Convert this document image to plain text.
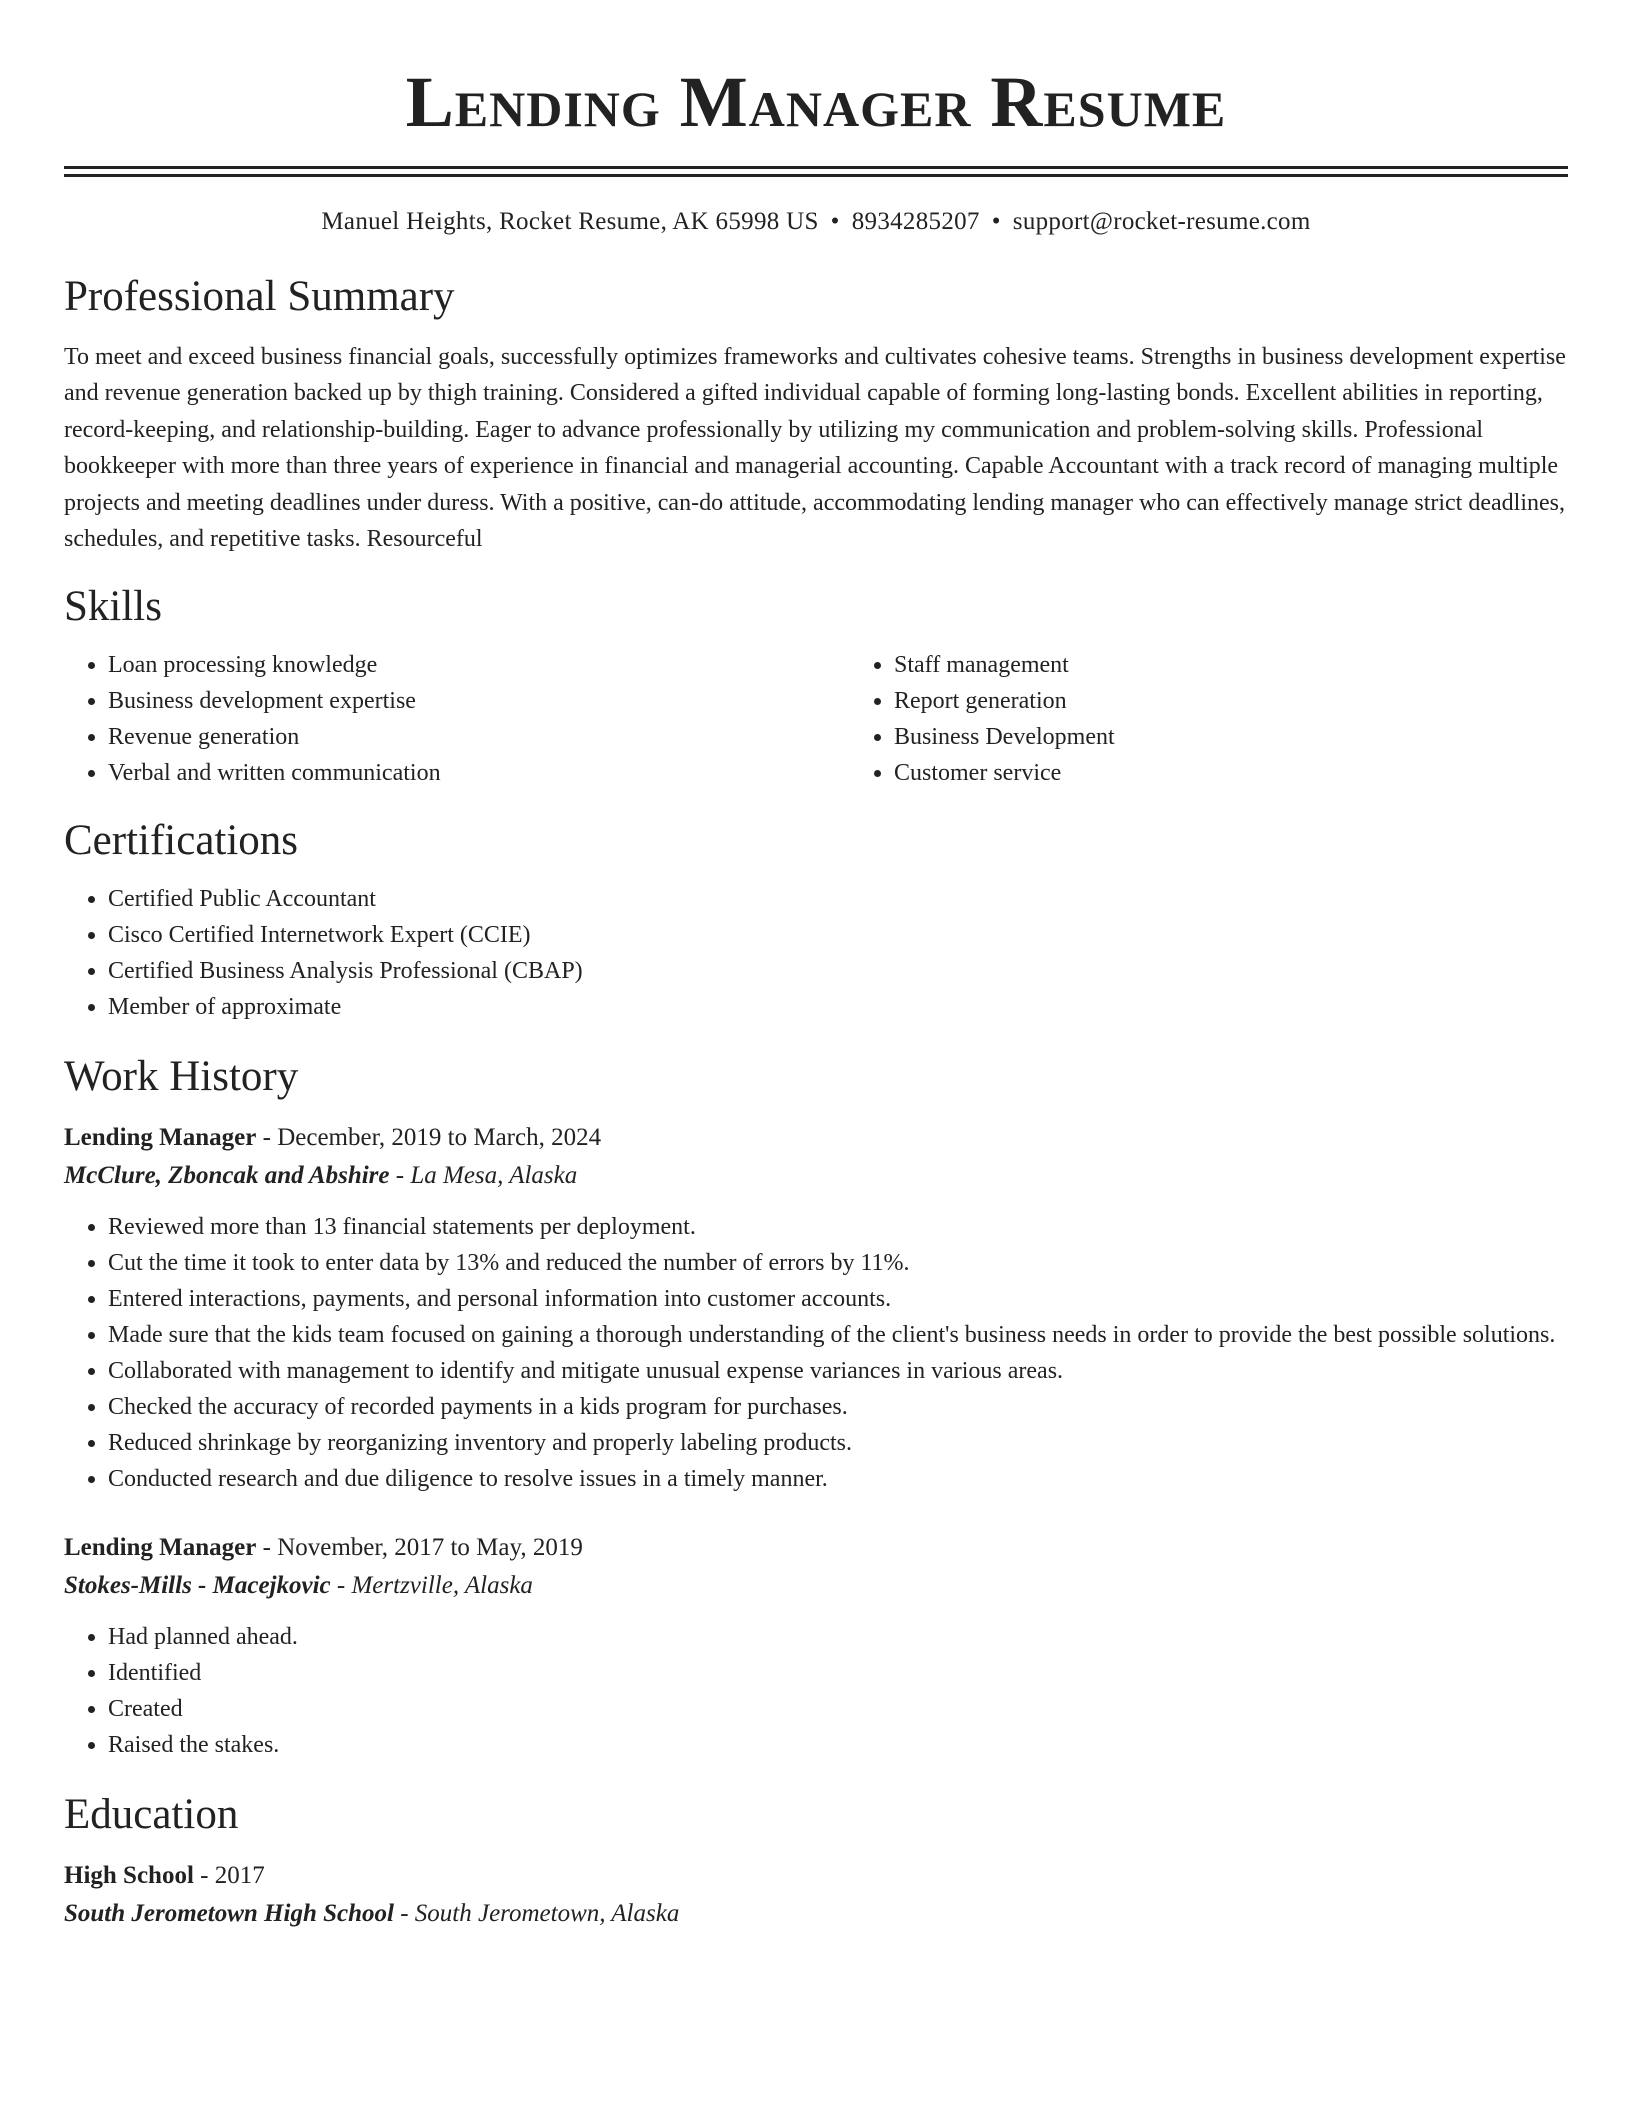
Lending Manager Resume
Manuel Heights, Rocket Resume, AK 65998 US • 8934285207 • support@rocket-resume.com
Professional Summary

To meet and exceed business financial goals, successfully optimizes frameworks and cultivates cohesive teams. Strengths in business development expertise and revenue generation backed up by thigh training. Considered a gifted individual capable of forming long-lasting bonds. Excellent abilities in reporting, record-keeping, and relationship-building. Eager to advance professionally by utilizing my communication and problem-solving skills. Professional bookkeeper with more than three years of experience in financial and managerial accounting. Capable Accountant with a track record of managing multiple projects and meeting deadlines under duress. With a positive, can-do attitude, accommodating lending manager who can effectively manage strict deadlines, schedules, and repetitive tasks. Resourceful

Skills
• Loan processing knowledge
• Business development expertise
• Revenue generation
• Verbal and written communication
• Staff management
• Report generation
• Business Development
• Customer service
Certifications
• Certified Public Accountant
• Cisco Certified Internetwork Expert (CCIE)
• Certified Business Analysis Professional (CBAP)
• Member of approximate
Work History
Lending Manager - December, 2019 to March, 2024
McClure, Zboncak and Abshire - La Mesa, Alaska
• Reviewed more than 13 financial statements per deployment.
• Cut the time it took to enter data by 13% and reduced the number of errors by 11%.
• Entered interactions, payments, and personal information into customer accounts.
• Made sure that the kids team focused on gaining a thorough understanding of the client's business needs in order to provide the best possible solutions.
• Collaborated with management to identify and mitigate unusual expense variances in various areas.
• Checked the accuracy of recorded payments in a kids program for purchases.
• Reduced shrinkage by reorganizing inventory and properly labeling products.
• Conducted research and due diligence to resolve issues in a timely manner.
Lending Manager - November, 2017 to May, 2019
Stokes-Mills - Macejkovic - Mertzville, Alaska
• Had planned ahead.
• Identified
• Created
• Raised the stakes.
Education
High School - 2017
South Jerometown High School - South Jerometown, Alaska
